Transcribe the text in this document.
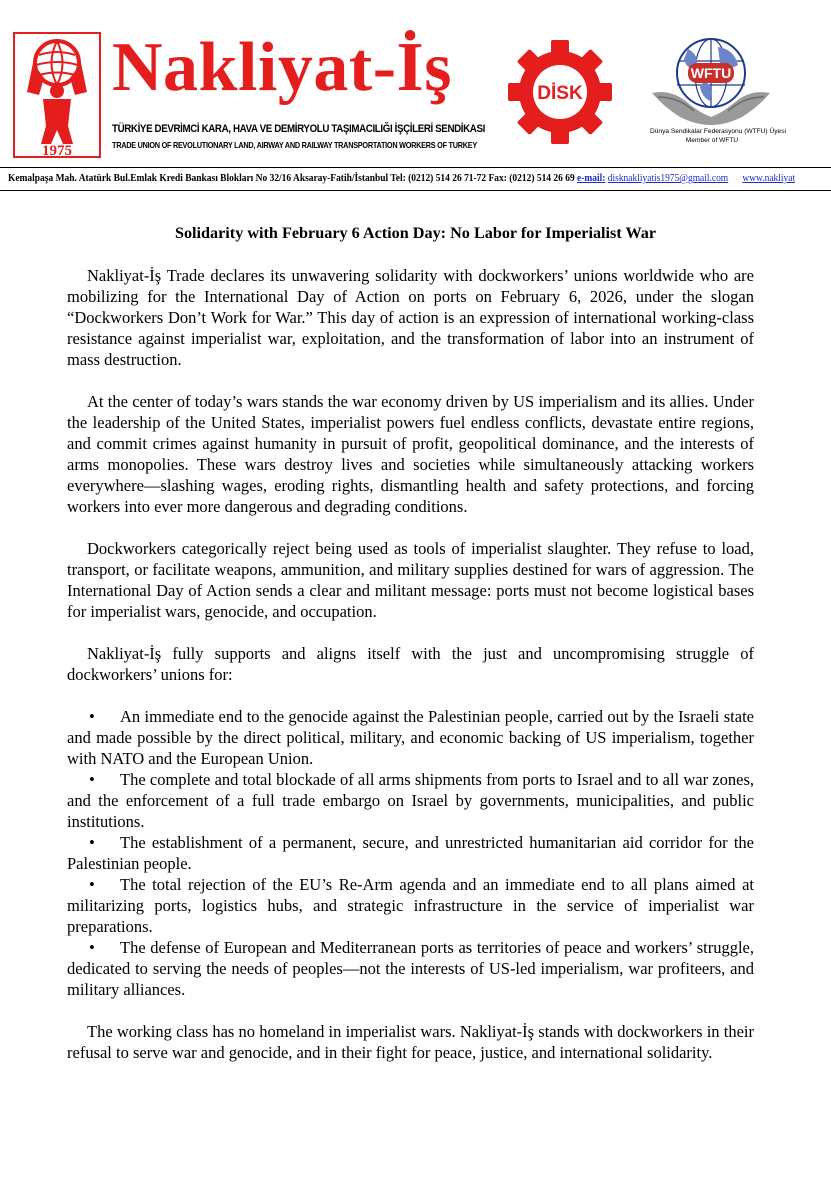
1975
Nakliyat-İş
TÜRKİYE DEVRİMCİ KARA, HAVA VE DEMİRYOLU TAŞIMACILIĞI İŞÇİLERİ SENDİKASI
TRADE UNION OF REVOLUTIONARY LAND, AIRWAY AND RAILWAY TRANSPORTATION WORKERS OF TURKEY
DİSK
WFTU
Dünya Sendikalar Federasyonu (WTFU) Üyesi
Member of WFTU
Kemalpaşa Mah. Atatürk Bul.Emlak Kredi Bankası Blokları No 32/16 Aksaray-Fatih/İstanbul Tel: (0212) 514 26 71-72 Fax: (0212) 514 26 69 e-mail: disknakliyatis1975@gmail.com www.nakliyat
Solidarity with February 6 Action Day: No Labor for Imperialist War

Nakliyat-İş Trade declares its unwavering solidarity with dockworkers’ unions worldwide who are mobilizing for the International Day of Action on ports on February 6, 2026, under the slogan “Dockworkers Don’t Work for War.” This day of action is an expression of international working-class resistance against imperialist war, exploitation, and the transformation of labor into an instrument of mass destruction.

At the center of today’s wars stands the war economy driven by US imperialism and its allies. Under the leadership of the United States, imperialist powers fuel endless conflicts, devastate entire regions, and commit crimes against humanity in pursuit of profit, geopolitical dominance, and the interests of arms monopolies. These wars destroy lives and societies while simultaneously attacking workers everywhere—slashing wages, eroding rights, dismantling health and safety protections, and forcing workers into ever more dangerous and degrading conditions.

Dockworkers categorically reject being used as tools of imperialist slaughter. They refuse to load, transport, or facilitate weapons, ammunition, and military supplies destined for wars of aggression. The International Day of Action sends a clear and militant message: ports must not become logistical bases for imperialist wars, genocide, and occupation.

Nakliyat-İş fully supports and aligns itself with the just and uncompromising struggle of dockworkers’ unions for:

• An immediate end to the genocide against the Palestinian people, carried out by the Israeli state and made possible by the direct political, military, and economic backing of US imperialism, together with NATO and the European Union.
• The complete and total blockade of all arms shipments from ports to Israel and to all war zones, and the enforcement of a full trade embargo on Israel by governments, municipalities, and public institutions.
• The establishment of a permanent, secure, and unrestricted humanitarian aid corridor for the Palestinian people.
• The total rejection of the EU’s Re-Arm agenda and an immediate end to all plans aimed at militarizing ports, logistics hubs, and strategic infrastructure in the service of imperialist war preparations.
• The defense of European and Mediterranean ports as territories of peace and workers’ struggle, dedicated to serving the needs of peoples—not the interests of US-led imperialism, war profiteers, and military alliances.

The working class has no homeland in imperialist wars. Nakliyat-İş stands with dockworkers in their refusal to serve war and genocide, and in their fight for peace, justice, and international solidarity.
